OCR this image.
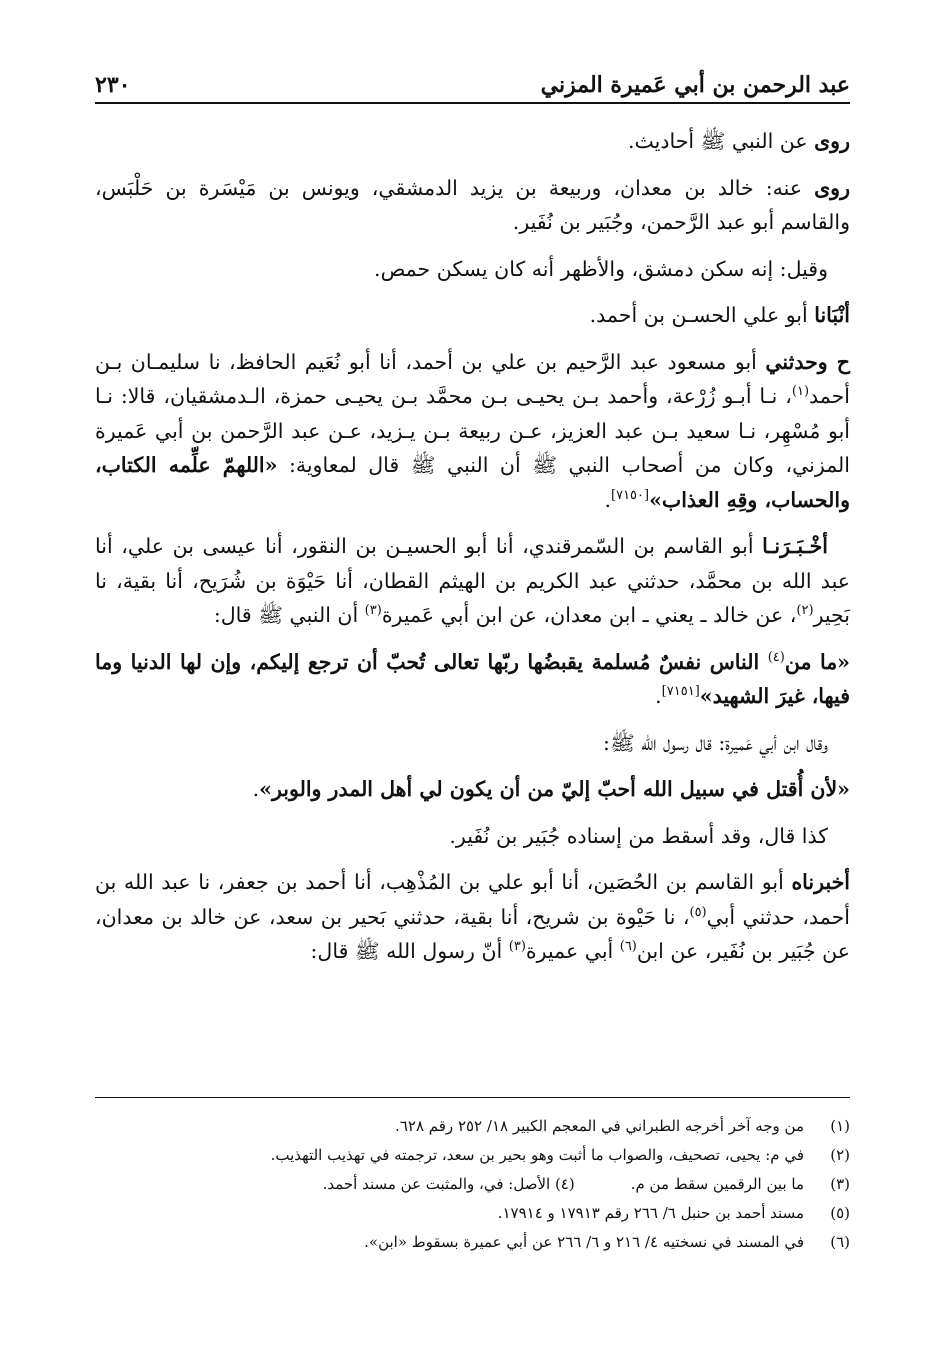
عبد الرحمن بن أبي عَميرة المزني
٢٣٠

روى عن النبي ﷺ أحاديث.

روى عنه: خالد بن معدان، وربيعة بن يزيد الدمشقي، ويونس بن مَيْسَرة بن حَلْبَس، والقاسم أبو عبد الرَّحمن، وجُبَير بن نُفَير.

وقيل: إنه سكن دمشق، والأظهر أنه كان يسكن حمص.

أنْبَانا أبو علي الحسـن بن أحمد.

ح وحدثني أبو مسعود عبد الرَّحيم بن علي بن أحمد، أنا أبو نُعَيم الحافظ، نا سليمـان بـن أحمد$^{(١)}$، نـا أبـو زُرْعة، وأحمد بـن يحيـى بـن محمَّد بـن يحيـى حمزة، الـدمشقيان، قالا: نـا أبو مُسْهِر، نـا سعيد بـن عبد العزيز، عـن ربيعة بـن يـزيد، عـن عبد الرَّحمن بن أبي عَميرة المزني، وكان من أصحاب النبي ﷺ أن النبي ﷺ قال لمعاوية: «اللهمّ علِّمه الكتاب، والحساب، وقِهِ العذاب»[٧١٥٠].

أخْـبَـرَنـا أبو القاسم بن السّمرقندي، أنا أبو الحسيـن بن النقور، أنا عيسى بن علي، أنا عبد الله بن محمَّد، حدثني عبد الكريم بن الهيثم القطان، أنا حَيْوَة بن شُرَيح، أنا بقية، نا بَحِير$^{(٢)}$، عن خالد ـ يعني ـ ابن معدان، عن ابن أبي عَميرة$^{(٣)}$ أن النبي ﷺ قال:

«ما من$^{(٤)}$ الناس نفسٌ مُسلمة يقبضُها ربّها تعالى تُحبّ أن ترجع إليكم، وإن لها الدنيا وما فيها، غيرَ الشهيد»[٧١٥١].

وقال ابن أبي عَميرة: قال رسول الله ﷺ:

«لأن أُقتل في سبيل الله أحبّ إليّ من أن يكون لي أهل المدر والوبر».

كذا قال، وقد أسقط من إسناده جُبَير بن نُفَير.

أخبرناه أبو القاسم بن الحُصَين، أنا أبو علي بن المُذْهِب، أنا أحمد بن جعفر، نا عبد الله بن أحمد، حدثني أبي$^{(٥)}$، نا حَيْوة بن شريح، أنا بقية، حدثني بَحير بن سعد، عن خالد بن معدان، عن جُبَير بن نُفَير، عن ابن$^{(٦)}$ أبي عميرة$^{(٣)}$ أنّ رسول الله ﷺ قال:

(١)
من وجه آخر أخرجه الطبراني في المعجم الكبير ١٨/ ٢٥٢ رقم ٦٢٨.
(٢)
في م: يحيى، تصحيف، والصواب ما أثبت وهو بحير بن سعد، ترجمته في تهذيب التهذيب.
(٣)
ما بين الرقمين سقط من م.(٤) الأصل: في، والمثبت عن مسند أحمد.
(٥)
مسند أحمد بن حنبل ٦/ ٢٦٦ رقم ١٧٩١٣ و ١٧٩١٤.
(٦)
في المسند في نسختيه ٤/ ٢١٦ و ٦/ ٢٦٦ عن أبي عميرة بسقوط «ابن».
